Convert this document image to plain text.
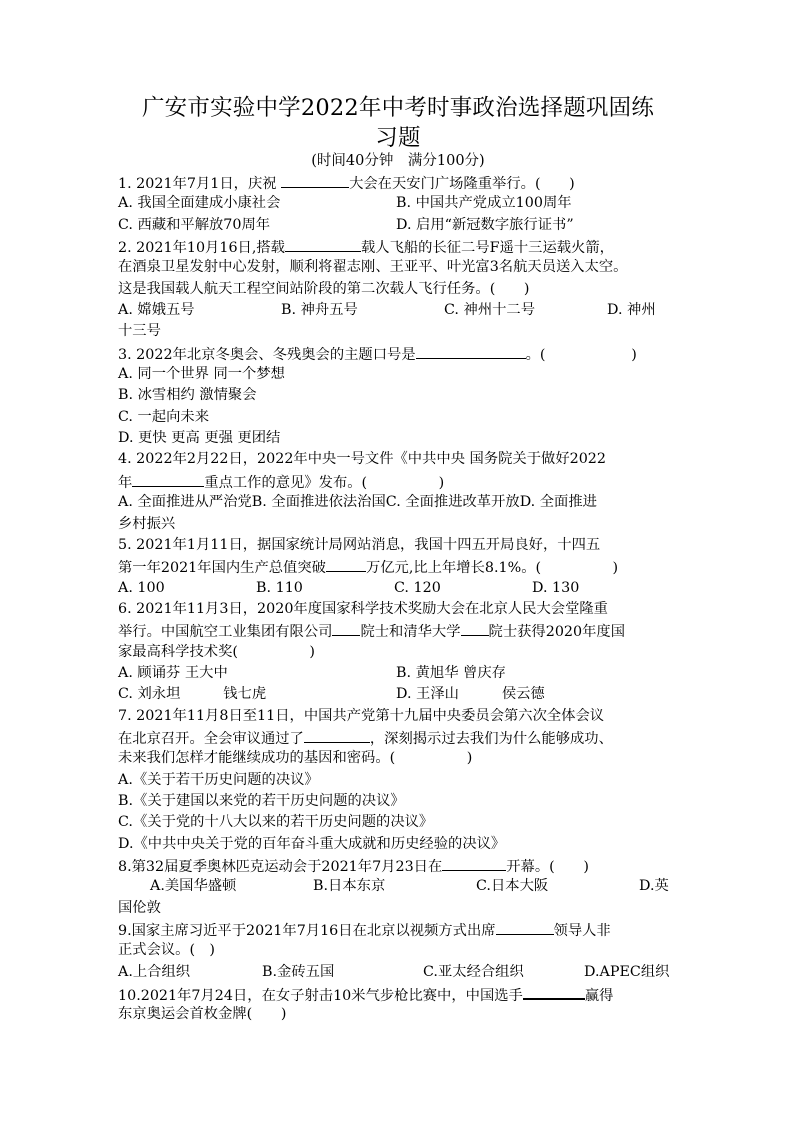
广安市实验中学2022年中考时事政治选择题巩固练
习题
(时间40分钟　满分100分)
1. 2021年7月1日，庆祝	大会在天安门广场隆重举行。(　　)
A. 我国全面建成小康社会	B. 中国共产党成立100周年
C. 西藏和平解放70周年	D. 启用“新冠数字旅行证书”
2. 2021年10月16日,搭载	载人飞船的长征二号F遥十三运载火箭，
在酒泉卫星发射中心发射，顺利将翟志刚、王亚平、叶光富3名航天员送入太空。
这是我国载人航天工程空间站阶段的第二次载人飞行任务。(　　)
A. 嫦娥五号	B. 神舟五号	C. 神州十二号	D. 神州
十三号
3. 2022年北京冬奥会、冬残奥会的主题口号是	。(　　　　　　)
A. 同一个世界 同一个梦想
B. 冰雪相约 激情聚会
C. 一起向未来
D. 更快 更高 更强 更团结
4. 2022年2月22日，2022年中央一号文件《中共中央 国务院关于做好2022
年	重点工作的意见》发布。(　　　　　)
A. 全面推进从严治党B. 全面推进依法治国C. 全面推进改革开放D. 全面推进
乡村振兴
5. 2021年1月11日，据国家统计局网站消息，我国十四五开局良好，十四五
第一年2021年国内生产总值突破	万亿元,比上年增长8.1%。(　　　　　)
A. 100	B. 110	C. 120	D. 130
6. 2021年11月3日，2020年度国家科学技术奖励大会在北京人民大会堂隆重
举行。中国航空工业集团有限公司 院士和清华大学 院士获得2020年度国
家最高科学技术奖(　　　　　)
A. 顾诵芬 王大中	B. 黄旭华 曾庆存
C. 刘永坦　　　钱七虎	D. 王泽山　　　侯云德
7. 2021年11月8日至11日，中国共产党第十九届中央委员会第六次全体会议
在北京召开。全会审议通过了	，深刻揭示过去我们为什么能够成功、
未来我们怎样才能继续成功的基因和密码。(　　　　　)
A.《关于若干历史问题的决议》
B.《关于建国以来党的若干历史问题的决议》
C.《关于党的十八大以来的若干历史问题的决议》
D.《中共中央关于党的百年奋斗重大成就和历史经验的决议》
8.第32届夏季奥林匹克运动会于2021年7月23日在	开幕。(　　)
A.美国华盛顿	B.日本东京	C.日本大阪	D.英
国伦敦
9.国家主席习近平于2021年7月16日在北京以视频方式出席	领导人非
正式会议。(　)
A.上合组织	B.金砖五国	C.亚太经合组织	D.APEC组织
10.2021年7月24日，在女子射击10米气步枪比赛中，中国选手	赢得
东京奥运会首枚金牌(　　)
